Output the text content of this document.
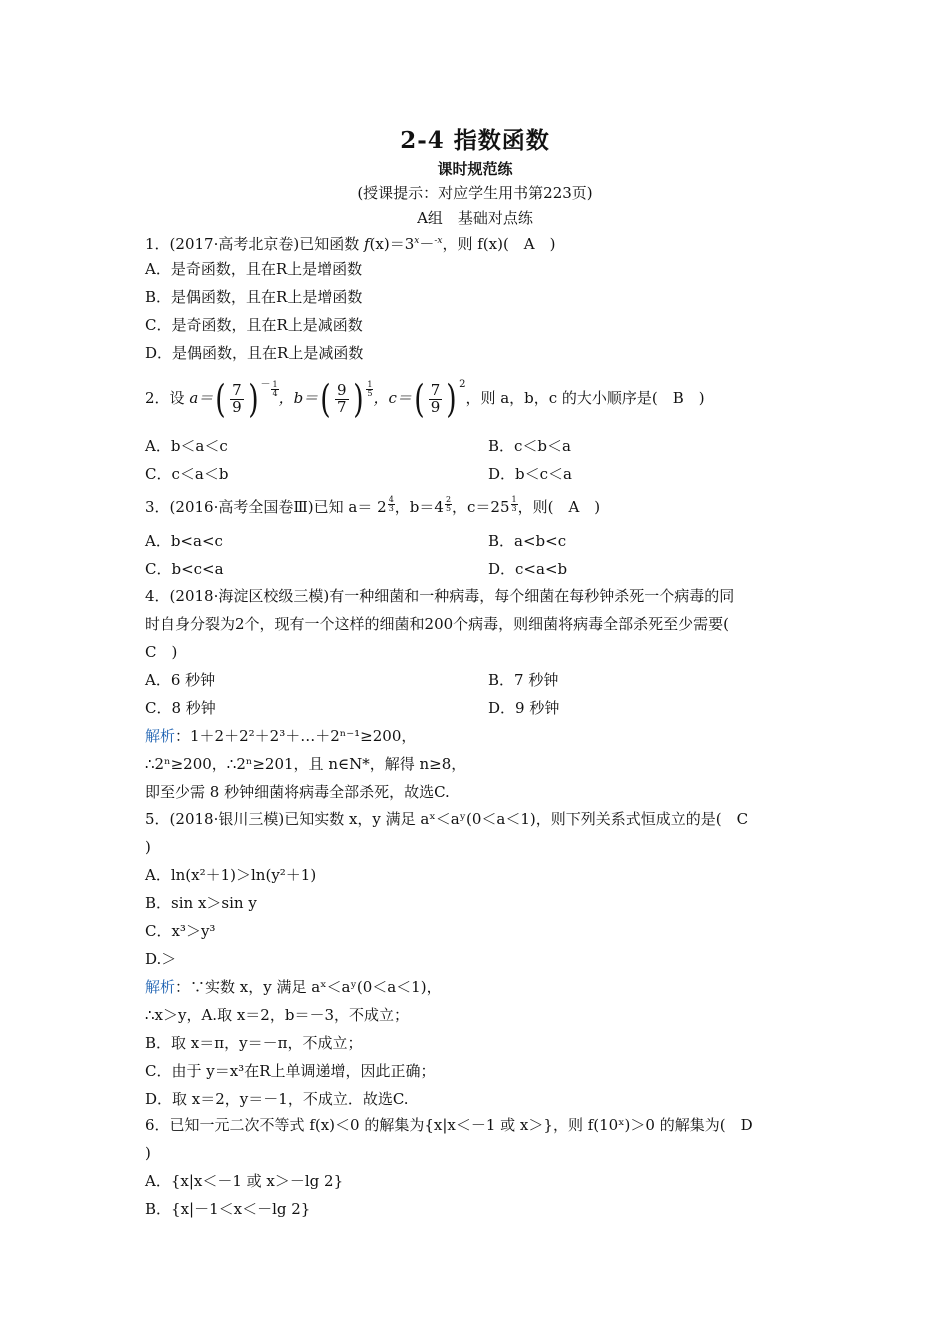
2-4 指数函数
课时规范练
(授课提示：对应学生用书第223页)
A组　基础对点练
1．(2017·高考北京卷)已知函数 $f(x)=3^x-^{-x}$，则 f(x)(　A　)
A．是奇函数，且在R上是增函数
B．是偶函数，且在R上是增函数
C．是奇函数，且在R上是减函数
D．是偶函数，且在R上是减函数
2．设 $a=( \frac{7}{9}$ ) $^{- \frac{1}{4}}$ ，$b=( \frac{9}{7}$ ) $\frac{1}{5}$ ，$c=( \frac{7}{9}$ ) $^2$，则 a，b，c 的大小顺序是(　B　)
A．b＜a＜c	B．c＜b＜a
C．c＜a＜b	D．b＜c＜a
3．(2016·高考全国卷Ⅲ)已知 $a= 2 \frac{4}{3}$ ，$b=4 \frac{2}{5}$ ，$c=25 \frac{1}{3}$ ，则(　A　)
A．b<a<c	B．a<b<c
C．b<c<a	D．c<a<b
4．(2018·海淀区校级三模)有一种细菌和一种病毒，每个细菌在每秒钟杀死一个病毒的同
时自身分裂为2个，现有一个这样的细菌和200个病毒，则细菌将病毒全部杀死至少需要(
C　)
A．6 秒钟	B．7 秒钟
C．8 秒钟	D．9 秒钟
解析：1＋2＋2²＋2³＋…＋2ⁿ⁻¹≥200，
∴2ⁿ≥200，∴2ⁿ≥201，且 n∈N*，解得 n≥8，
即至少需 8 秒钟细菌将病毒全部杀死，故选C.
5．(2018·银川三模)已知实数 x，y 满足 aˣ＜aʸ(0＜a＜1)，则下列关系式恒成立的是(　C
)
A．ln(x²＋1)＞ln(y²＋1)
B．sin x＞sin y
C．x³＞y³
D.＞
解析：∵实数 x，y 满足 aˣ＜aʸ(0＜a＜1)，
∴x＞y，A.取 x＝2，b＝－3，不成立；
B．取 x＝π，y＝－π，不成立；
C．由于 y＝x³在R上单调递增，因此正确；
D．取 x＝2，y＝－1，不成立．故选C.
6．已知一元二次不等式 f(x)＜0 的解集为{x|x＜－1 或 x＞}，则 f(10ˣ)＞0 的解集为(　D
)
A．{x|x＜－1 或 x＞－lg 2}
B．{x|－1＜x＜－lg 2}
